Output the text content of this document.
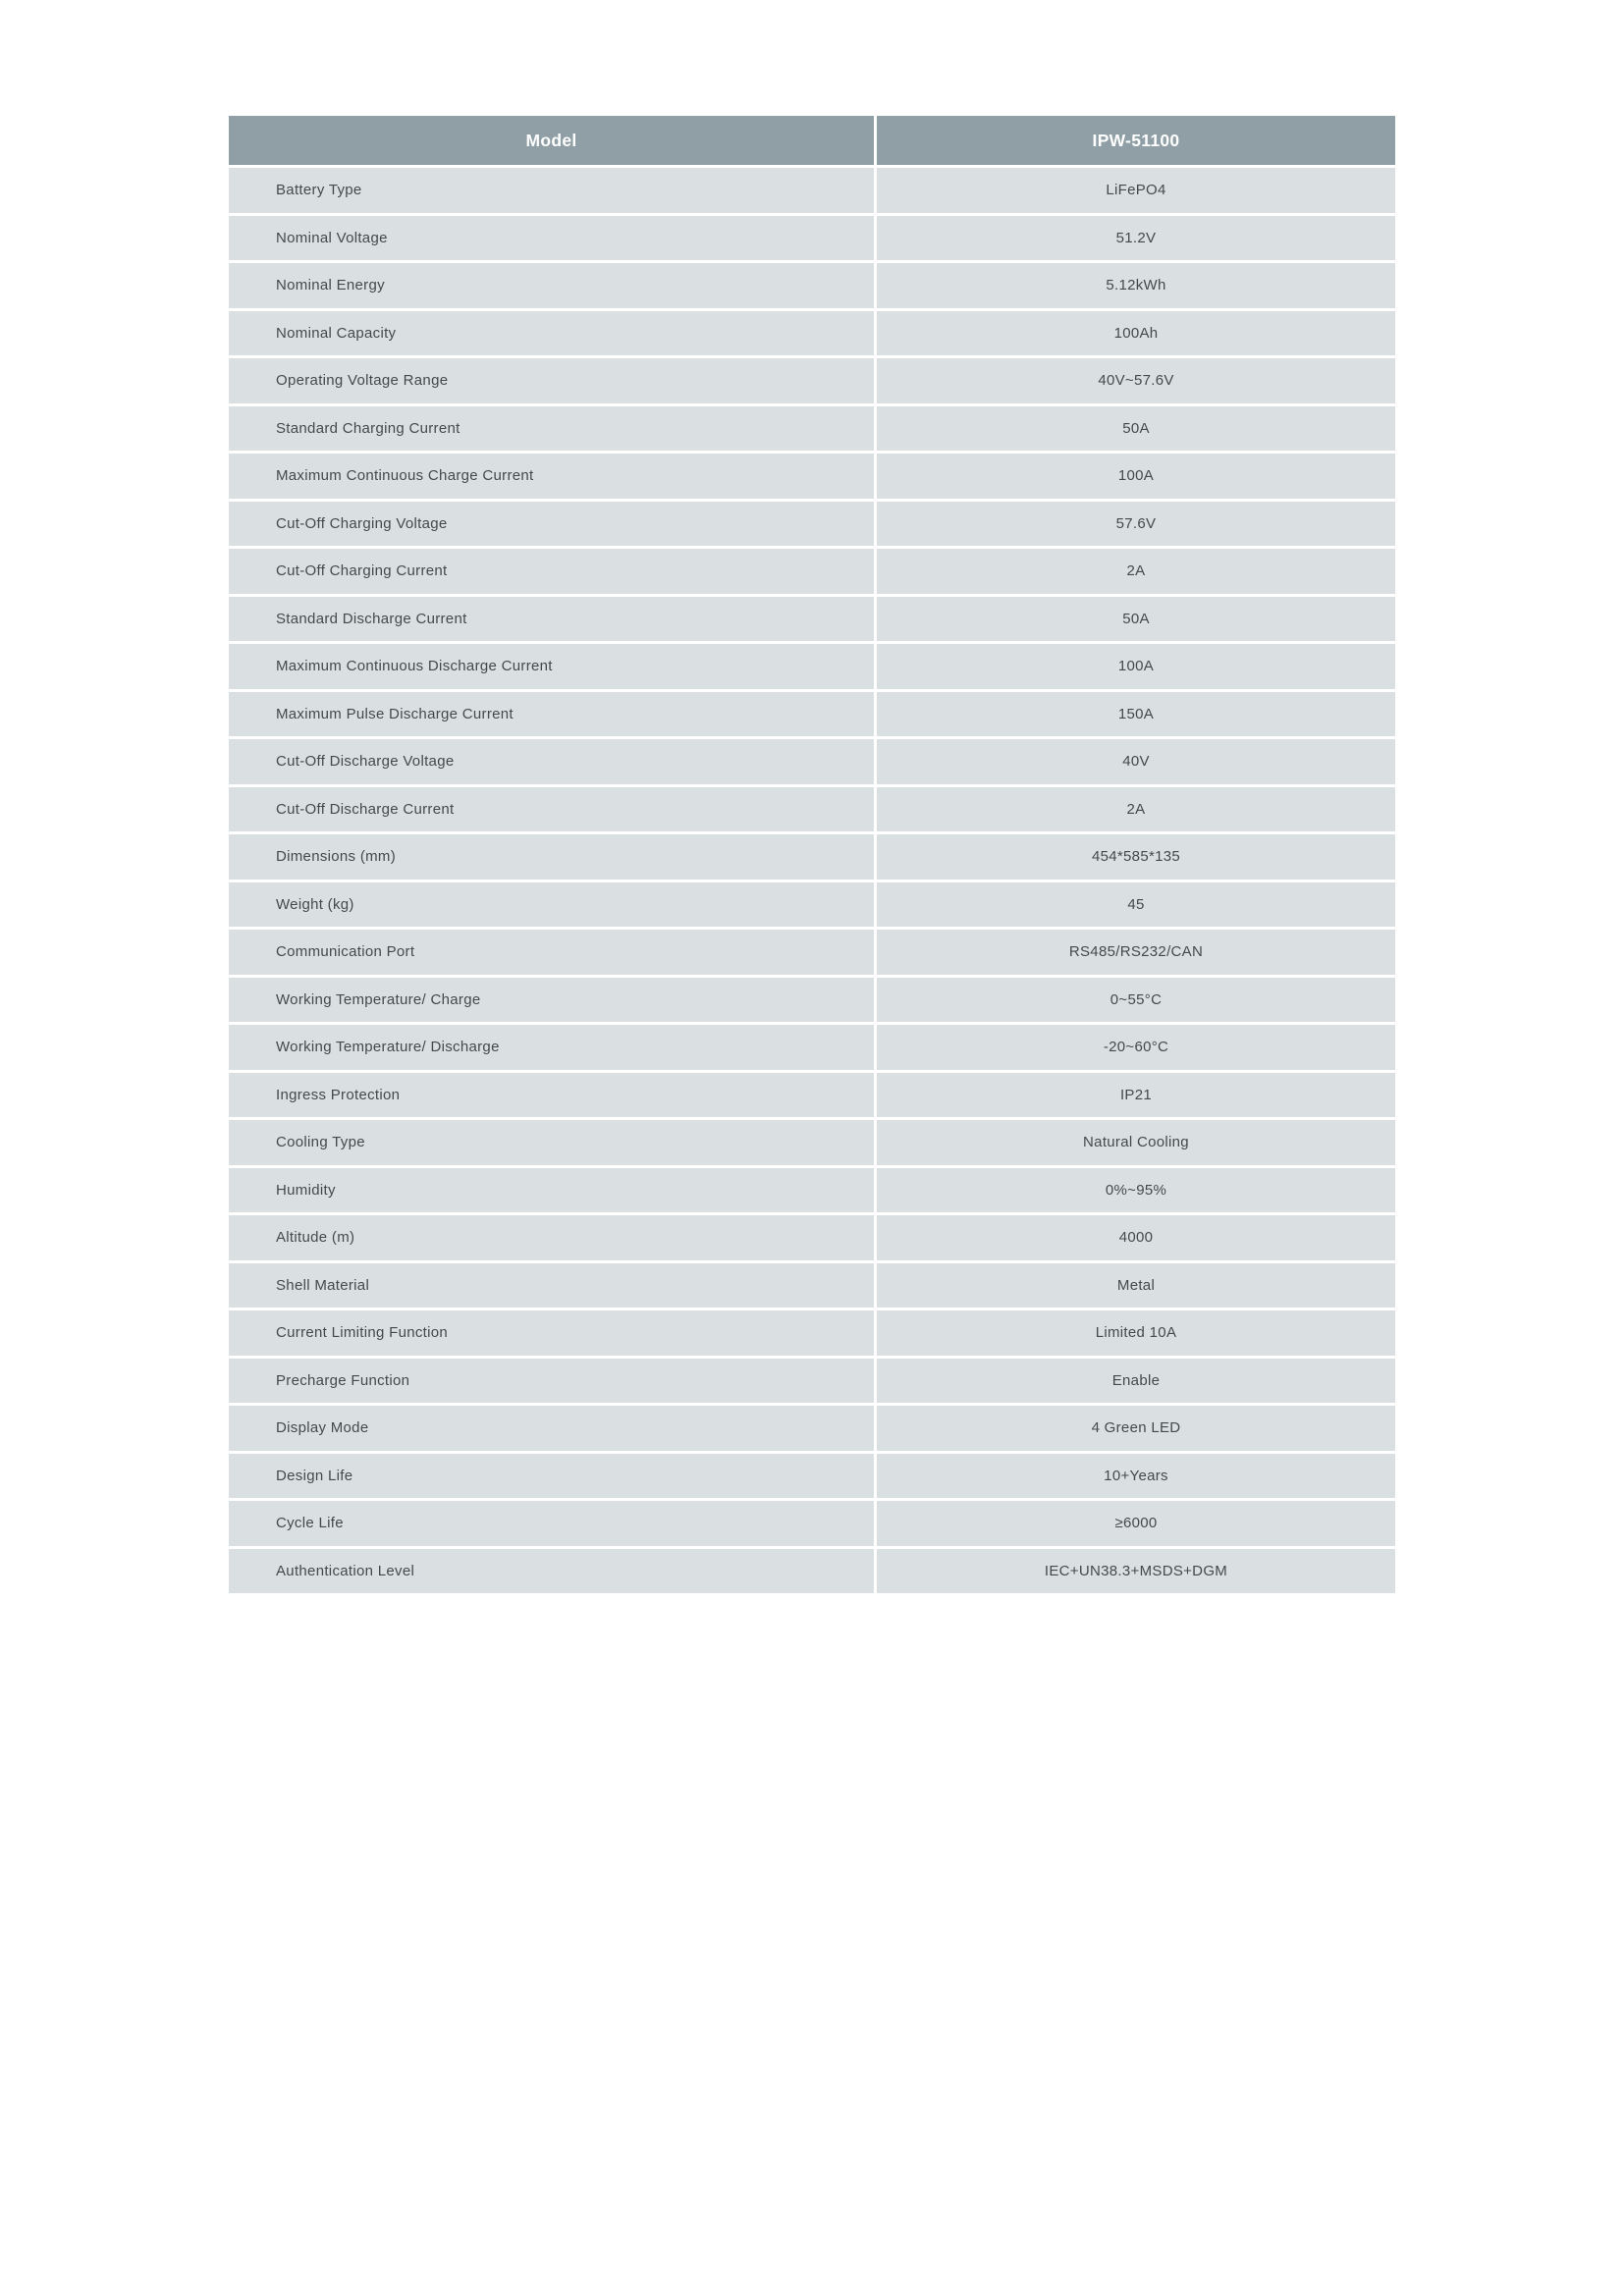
Model	IPW-51100
Battery Type	LiFePO4
Nominal Voltage	51.2V
Nominal Energy	5.12kWh
Nominal Capacity	100Ah
Operating Voltage Range	40V~57.6V
Standard Charging Current	50A
Maximum Continuous Charge Current	100A
Cut-Off Charging Voltage	57.6V
Cut-Off Charging Current	2A
Standard Discharge Current	50A
Maximum Continuous Discharge Current	100A
Maximum Pulse Discharge Current	150A
Cut-Off Discharge Voltage	40V
Cut-Off Discharge Current	2A
Dimensions (mm)	454*585*135
Weight (kg)	45
Communication Port	RS485/RS232/CAN
Working Temperature/ Charge	0~55°C
Working Temperature/ Discharge	-20~60°C
Ingress Protection	IP21
Cooling Type	Natural Cooling
Humidity	0%~95%
Altitude (m)	4000
Shell Material	Metal
Current Limiting Function	Limited 10A
Precharge Function	Enable
Display Mode	4 Green LED
Design Life	10+Years
Cycle Life	≥6000
Authentication Level	IEC+UN38.3+MSDS+DGM
